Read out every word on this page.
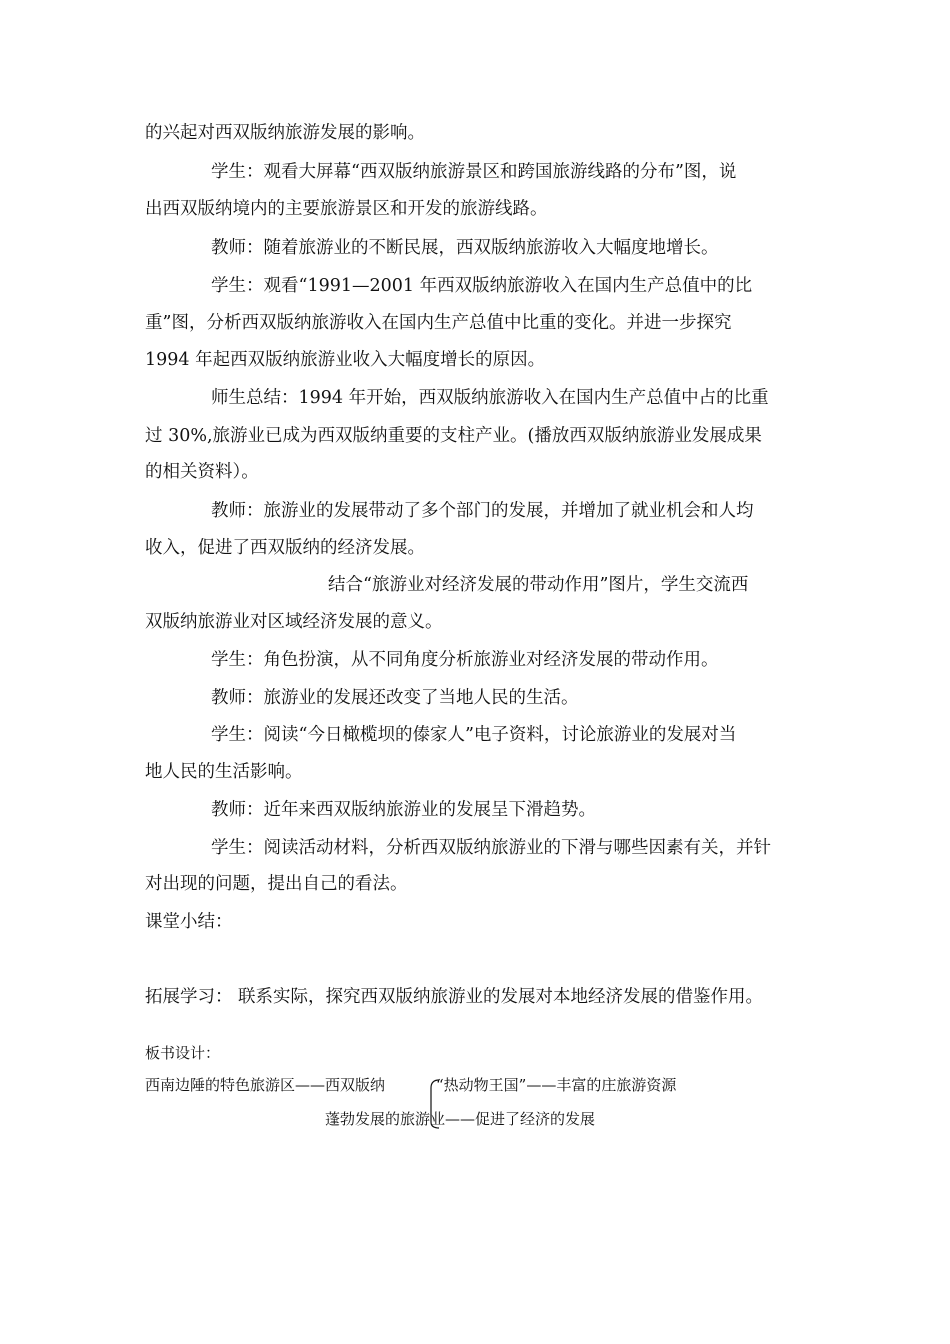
的兴起对西双版纳旅游发展的影响。
学生：观看大屏幕“西双版纳旅游景区和跨国旅游线路的分布”图，说
出西双版纳境内的主要旅游景区和开发的旅游线路。
教师：随着旅游业的不断民展，西双版纳旅游收入大幅度地增长。
学生：观看“1991—2001 年西双版纳旅游收入在国内生产总值中的比
重”图，分析西双版纳旅游收入在国内生产总值中比重的变化。并进一步探究
1994 年起西双版纳旅游业收入大幅度增长的原因。
师生总结：1994 年开始，西双版纳旅游收入在国内生产总值中占的比重
过 30%,旅游业已成为西双版纳重要的支柱产业。(播放西双版纳旅游业发展成果
的相关资料）。
教师：旅游业的发展带动了多个部门的发展，并增加了就业机会和人均
收入，促进了西双版纳的经济发展。
结合“旅游业对经济发展的带动作用”图片，学生交流西
双版纳旅游业对区域经济发展的意义。
学生：角色扮演，从不同角度分析旅游业对经济发展的带动作用。
教师：旅游业的发展还改变了当地人民的生活。
学生：阅读“今日橄榄坝的傣家人”电子资料，讨论旅游业的发展对当
地人民的生活影响。
教师：近年来西双版纳旅游业的发展呈下滑趋势。
学生：阅读活动材料，分析西双版纳旅游业的下滑与哪些因素有关，并针
对出现的问题，提出自己的看法。
课堂小结：
拓展学习： 联系实际，探究西双版纳旅游业的发展对本地经济发展的借鉴作用。
板书设计：
西南边陲的特色旅游区——西双版纳	“热动物王国”——丰富的庄旅游资源
蓬勃发展的旅游业——促进了经济的发展
